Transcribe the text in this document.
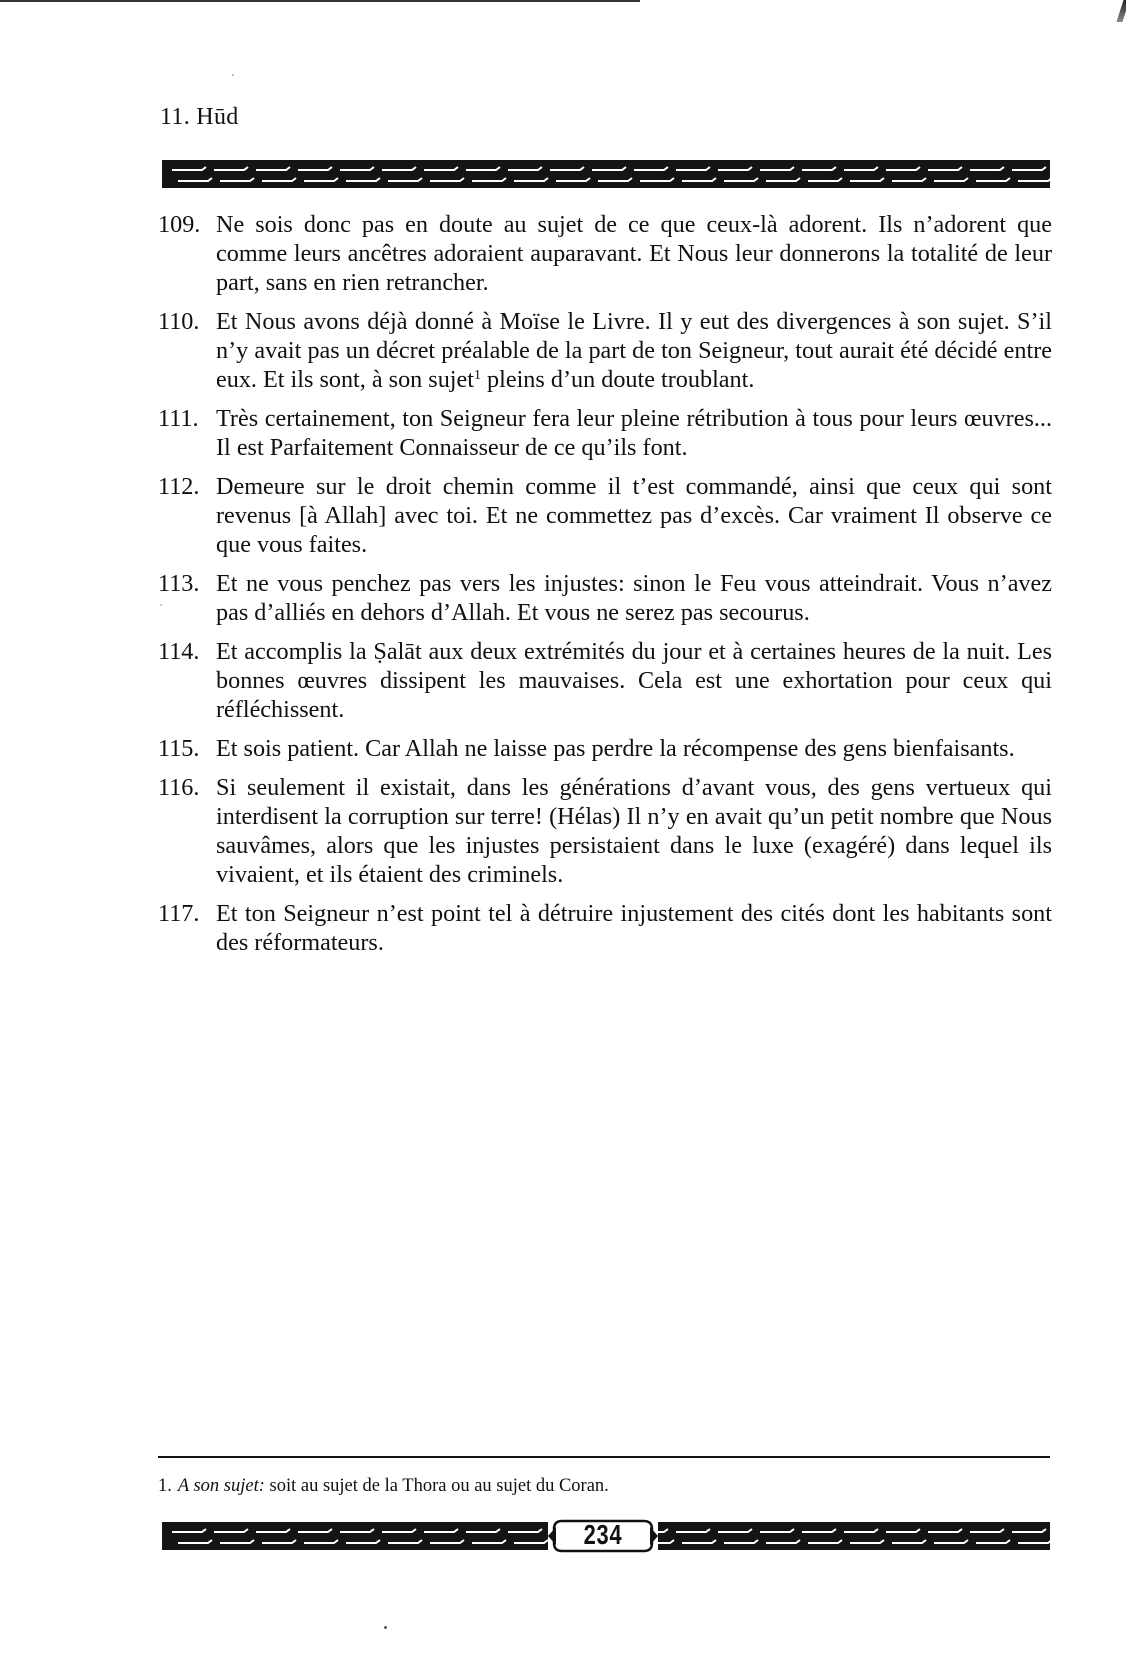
11. Hūd
109. Ne sois donc pas en doute au sujet de ce que ceux-là adorent. Ils n’adorent que comme leurs ancêtres adoraient auparavant. Et Nous leur donnerons la totalité de leur part, sans en rien retrancher.
110. Et Nous avons déjà donné à Moïse le Livre. Il y eut des divergences à son sujet. S’il n’y avait pas un décret préalable de la part de ton Seigneur, tout aurait été décidé entre eux. Et ils sont, à son sujet$^1$ pleins d’un doute troublant.
111. Très certainement, ton Seigneur fera leur pleine rétribution à tous pour leurs œuvres... Il est Parfaitement Connaisseur de ce qu’ils font.
112. Demeure sur le droit chemin comme il t’est commandé, ainsi que ceux qui sont revenus [à Allah] avec toi. Et ne commettez pas d’excès. Car vraiment Il observe ce que vous faites.
113. Et ne vous penchez pas vers les injustes: sinon le Feu vous atteindrait. Vous n’avez pas d’alliés en dehors d’Allah. Et vous ne serez pas secourus.
114. Et accomplis la Ṣalāt aux deux extrémités du jour et à certaines heures de la nuit. Les bonnes œuvres dissipent les mauvaises. Cela est une exhortation pour ceux qui réfléchissent.
115. Et sois patient. Car Allah ne laisse pas perdre la récompense des gens bienfaisants.
116. Si seulement il existait, dans les générations d’avant vous, des gens vertueux qui interdisent la corruption sur terre! (Hélas) Il n’y en avait qu’un petit nombre que Nous sauvâmes, alors que les injustes persistaient dans le luxe (exagéré) dans lequel ils vivaient, et ils étaient des criminels.
117. Et ton Seigneur n’est point tel à détruire injustement des cités dont les habitants sont des réformateurs.
1. A son sujet: soit au sujet de la Thora ou au sujet du Coran.
234
